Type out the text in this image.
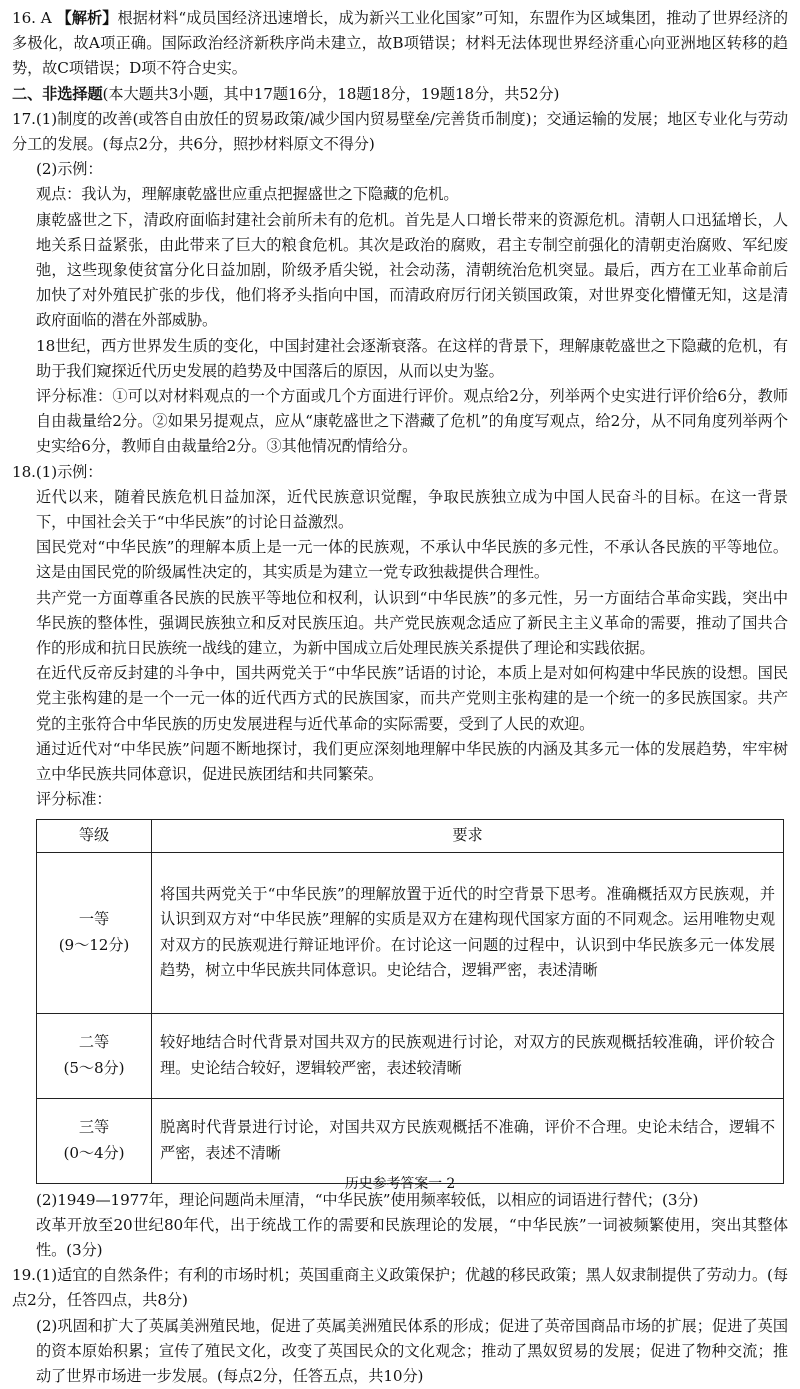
16. A 【解析】根据材料“成员国经济迅速增长，成为新兴工业化国家”可知，东盟作为区域集团，推动了世界经济的多极化，故A项正确。国际政治经济新秩序尚未建立，故B项错误；材料无法体现世界经济重心向亚洲地区转移的趋势，故C项错误；D项不符合史实。

二、非选择题(本大题共3小题，其中17题16分，18题18分，19题18分，共52分)

17.(1)制度的改善(或答自由放任的贸易政策/减少国内贸易壁垒/完善货币制度)；交通运输的发展；地区专业化与劳动分工的发展。(每点2分，共6分，照抄材料原文不得分)

(2)示例：

观点：我认为，理解康乾盛世应重点把握盛世之下隐藏的危机。

康乾盛世之下，清政府面临封建社会前所未有的危机。首先是人口增长带来的资源危机。清朝人口迅猛增长，人地关系日益紧张，由此带来了巨大的粮食危机。其次是政治的腐败，君主专制空前强化的清朝吏治腐败、军纪废弛，这些现象使贫富分化日益加剧，阶级矛盾尖锐，社会动荡，清朝统治危机突显。最后，西方在工业革命前后加快了对外殖民扩张的步伐，他们将矛头指向中国，而清政府厉行闭关锁国政策，对世界变化懵懂无知，这是清政府面临的潜在外部威胁。

18世纪，西方世界发生质的变化，中国封建社会逐渐衰落。在这样的背景下，理解康乾盛世之下隐藏的危机，有助于我们窥探近代历史发展的趋势及中国落后的原因，从而以史为鉴。

评分标准：①可以对材料观点的一个方面或几个方面进行评价。观点给2分，列举两个史实进行评价给6分，教师自由裁量给2分。②如果另提观点，应从“康乾盛世之下潜藏了危机”的角度写观点，给2分，从不同角度列举两个史实给6分，教师自由裁量给2分。③其他情况酌情给分。

18.(1)示例：

近代以来，随着民族危机日益加深，近代民族意识觉醒，争取民族独立成为中国人民奋斗的目标。在这一背景下，中国社会关于“中华民族”的讨论日益激烈。

国民党对“中华民族”的理解本质上是一元一体的民族观，不承认中华民族的多元性，不承认各民族的平等地位。这是由国民党的阶级属性决定的，其实质是为建立一党专政独裁提供合理性。

共产党一方面尊重各民族的民族平等地位和权利，认识到“中华民族”的多元性，另一方面结合革命实践，突出中华民族的整体性，强调民族独立和反对民族压迫。共产党民族观念适应了新民主主义革命的需要，推动了国共合作的形成和抗日民族统一战线的建立，为新中国成立后处理民族关系提供了理论和实践依据。

在近代反帝反封建的斗争中，国共两党关于“中华民族”话语的讨论，本质上是对如何构建中华民族的设想。国民党主张构建的是一个一元一体的近代西方式的民族国家，而共产党则主张构建的是一个统一的多民族国家。共产党的主张符合中华民族的历史发展进程与近代革命的实际需要，受到了人民的欢迎。

通过近代对“中华民族”问题不断地探讨，我们更应深刻地理解中华民族的内涵及其多元一体的发展趋势，牢牢树立中华民族共同体意识，促进民族团结和共同繁荣。

评分标准：

等级	要求

一等
(9～12分)	将国共两党关于“中华民族”的理解放置于近代的时空背景下思考。准确概括双方民族观，并认识到双方对“中华民族”理解的实质是双方在建构现代国家方面的不同观念。运用唯物史观对双方的民族观进行辩证地评价。在讨论这一问题的过程中，认识到中华民族多元一体发展趋势，树立中华民族共同体意识。史论结合，逻辑严密，表述清晰

二等
(5～8分)	较好地结合时代背景对国共双方的民族观进行讨论，对双方的民族观概括较准确，评价较合理。史论结合较好，逻辑较严密，表述较清晰

三等
(0～4分)	脱离时代背景进行讨论，对国共双方民族观概括不准确，评价不合理。史论未结合，逻辑不严密，表述不清晰

(2)1949—1977年，理论问题尚未厘清，“中华民族”使用频率较低，以相应的词语进行替代；(3分)

改革开放至20世纪80年代，出于统战工作的需要和民族理论的发展，“中华民族”一词被频繁使用，突出其整体性。(3分)

19.(1)适宜的自然条件；有利的市场时机；英国重商主义政策保护；优越的移民政策；黑人奴隶制提供了劳动力。(每点2分，任答四点，共8分)

(2)巩固和扩大了英属美洲殖民地，促进了英属美洲殖民体系的形成；促进了英帝国商品市场的扩展；促进了英国的资本原始积累；宣传了殖民文化，改变了英国民众的文化观念；推动了黑奴贸易的发展；促进了物种交流；推动了世界市场进一步发展。(每点2分，任答五点，共10分)

历史参考答案一 2
